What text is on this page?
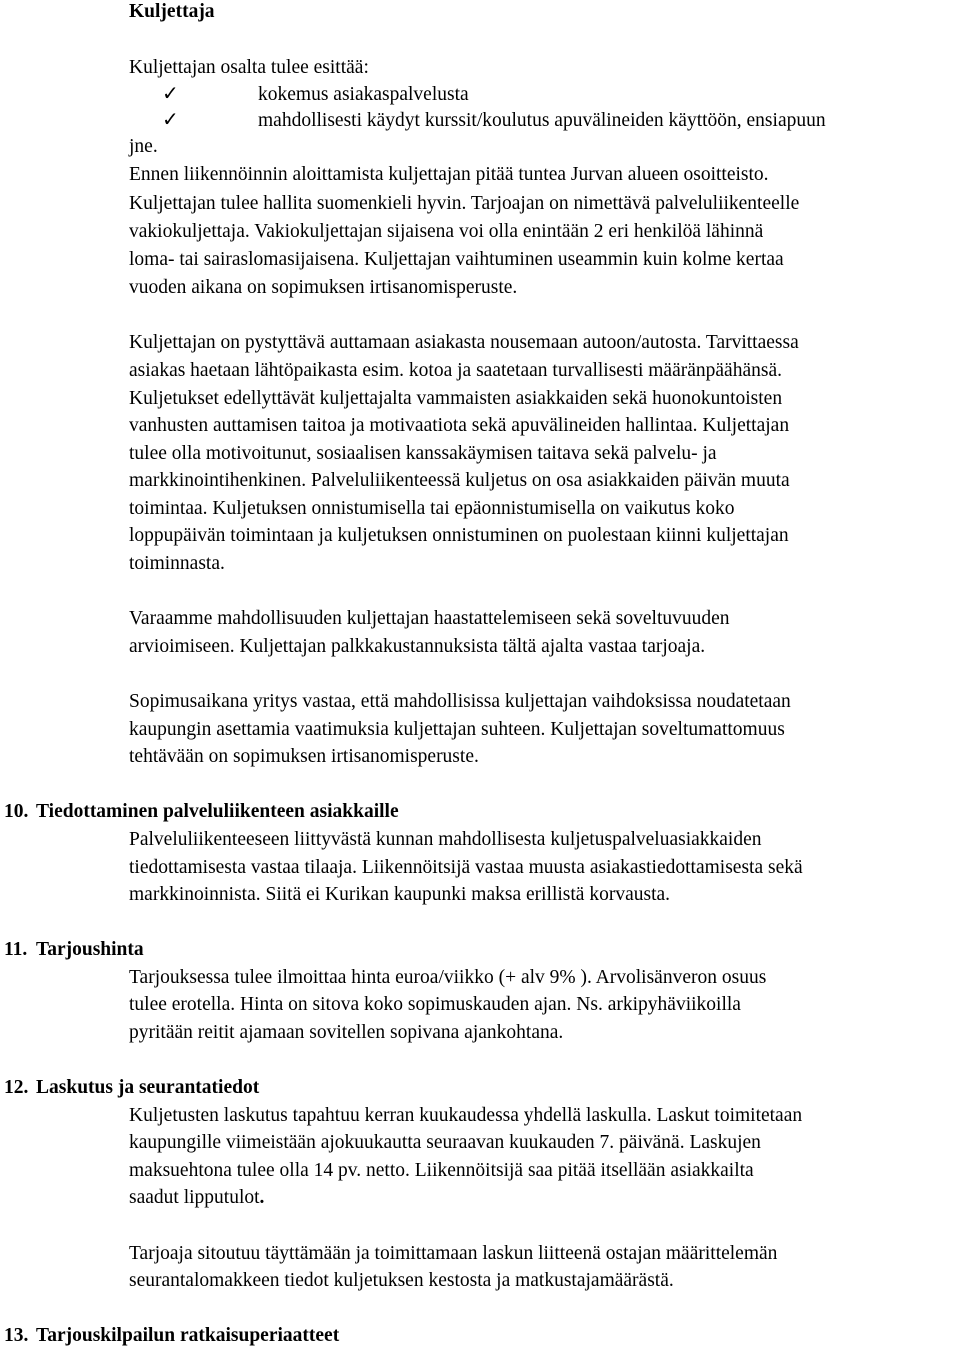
Kuljettaja
Kuljettajan osalta tulee esittää:
✓	kokemus asiakaspalvelusta
✓	mahdollisesti käydyt kurssit/koulutus apuvälineiden käyttöön, ensiapuun
jne.
Ennen liikennöinnin aloittamista kuljettajan pitää tuntea Jurvan alueen osoitteisto.
Kuljettajan tulee hallita suomenkieli hyvin. Tarjoajan on nimettävä palveluliikenteelle
vakiokuljettaja. Vakiokuljettajan sijaisena voi olla enintään 2 eri henkilöä lähinnä
loma- tai sairaslomasijaisena. Kuljettajan vaihtuminen useammin kuin kolme kertaa
vuoden aikana on sopimuksen irtisanomisperuste.
Kuljettajan on pystyttävä auttamaan asiakasta nousemaan autoon/autosta. Tarvittaessa
asiakas haetaan lähtöpaikasta esim. kotoa ja saatetaan turvallisesti määränpäähänsä.
Kuljetukset edellyttävät kuljettajalta vammaisten asiakkaiden sekä huonokuntoisten
vanhusten auttamisen taitoa ja motivaatiota sekä apuvälineiden hallintaa. Kuljettajan
tulee olla motivoitunut, sosiaalisen kanssakäymisen taitava sekä palvelu- ja
markkinointihenkinen. Palveluliikenteessä kuljetus on osa asiakkaiden päivän muuta
toimintaa. Kuljetuksen onnistumisella tai epäonnistumisella on vaikutus koko
loppupäivän toimintaan ja kuljetuksen onnistuminen on puolestaan kiinni kuljettajan
toiminnasta.
Varaamme mahdollisuuden kuljettajan haastattelemiseen sekä soveltuvuuden
arvioimiseen. Kuljettajan palkkakustannuksista tältä ajalta vastaa tarjoaja.
Sopimusaikana yritys vastaa, että mahdollisissa kuljettajan vaihdoksissa noudatetaan
kaupungin asettamia vaatimuksia kuljettajan suhteen. Kuljettajan soveltumattomuus
tehtävään on sopimuksen irtisanomisperuste.
10. Tiedottaminen palveluliikenteen asiakkaille
Palveluliikenteeseen liittyvästä kunnan mahdollisesta kuljetuspalveluasiakkaiden
tiedottamisesta vastaa tilaaja. Liikennöitsijä vastaa muusta asiakastiedottamisesta sekä
markkinoinnista. Siitä ei Kurikan kaupunki maksa erillistä korvausta.
11. Tarjoushinta
Tarjouksessa tulee ilmoittaa hinta euroa/viikko (+ alv 9% ). Arvolisänveron osuus
tulee erotella. Hinta on sitova koko sopimuskauden ajan. Ns. arkipyhäviikoilla
pyritään reitit ajamaan sovitellen sopivana ajankohtana.
12. Laskutus ja seurantatiedot
Kuljetusten laskutus tapahtuu kerran kuukaudessa yhdellä laskulla. Laskut toimitetaan
kaupungille viimeistään ajokuukautta seuraavan kuukauden 7. päivänä. Laskujen
maksuehtona tulee olla 14 pv. netto. Liikennöitsijä saa pitää itsellään asiakkailta
saadut lipputulot.
Tarjoaja sitoutuu täyttämään ja toimittamaan laskun liitteenä ostajan määrittelemän
seurantalomakkeen tiedot kuljetuksen kestosta ja matkustajamäärästä.
13. Tarjouskilpailun ratkaisuperiaatteet
